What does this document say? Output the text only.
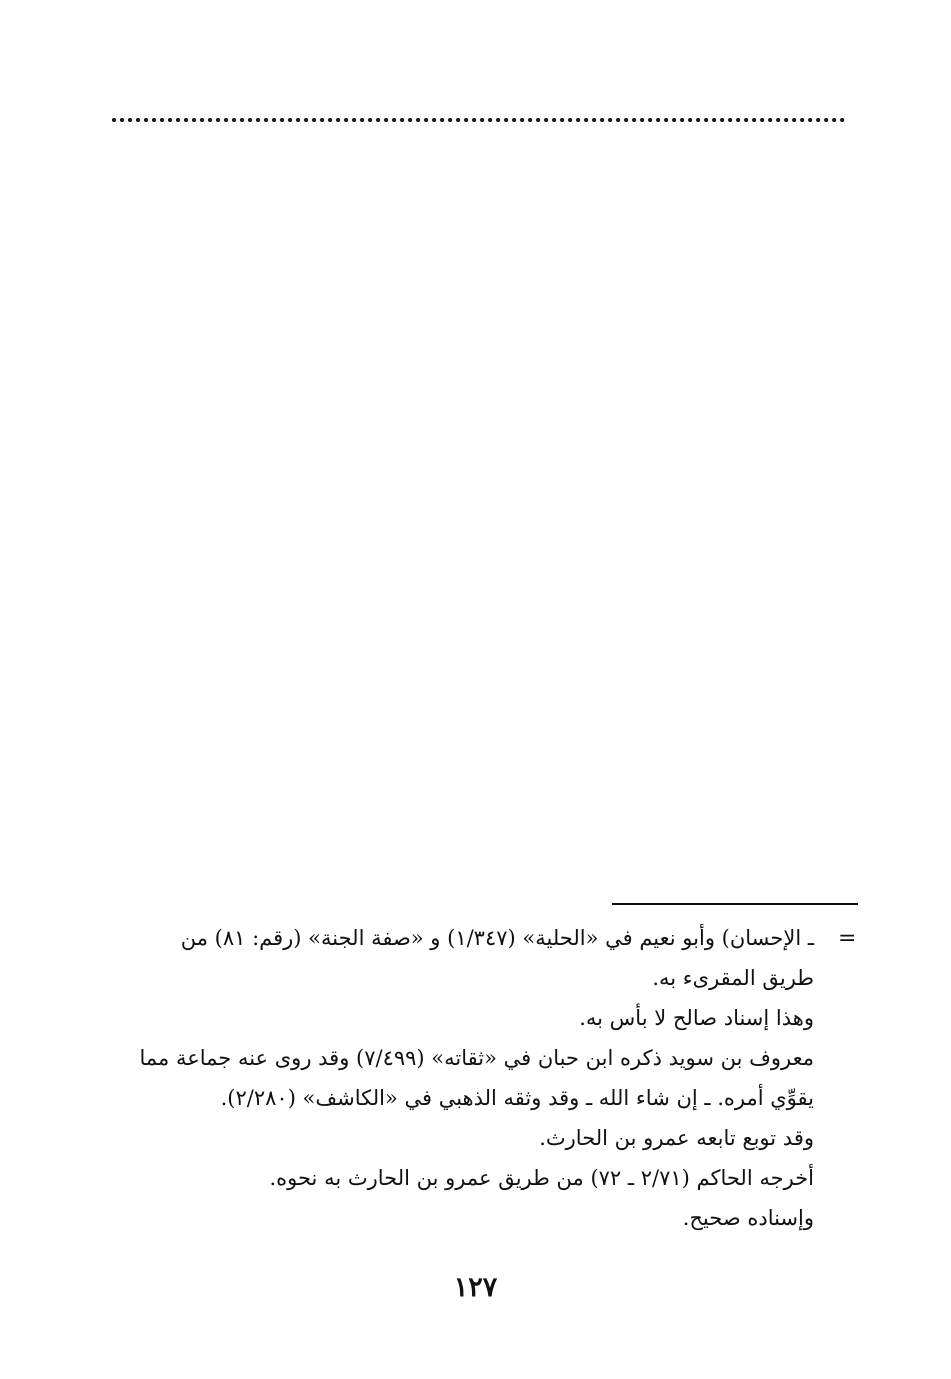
=

ـ الإحسان) وأبو نعيم في «الحلية» (١/٣٤٧) و «صفة الجنة» (رقم: ٨١) من

طريق المقرىء به.

وهذا إسناد صالح لا بأس به.

معروف بن سويد ذكره ابن حبان في «ثقاته» (٧/٤٩٩) وقد روى عنه جماعة مما

يقوِّي أمره. ـ إن شاء الله ـ وقد وثقه الذهبي في «الكاشف» (٢/٢٨٠).

وقد توبع تابعه عمرو بن الحارث.

أخرجه الحاكم (٢/٧١ ـ ٧٢) من طريق عمرو بن الحارث به نحوه.

وإسناده صحيح.

١٢٧
